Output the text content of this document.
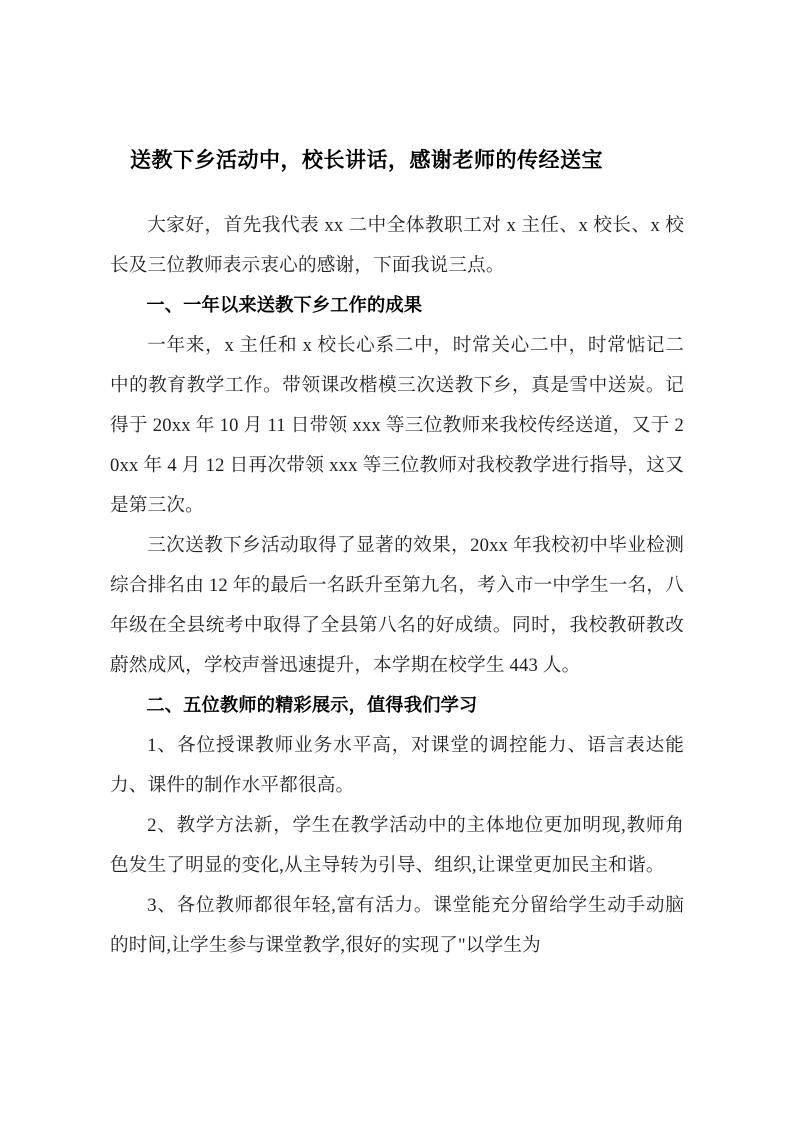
送教下乡活动中，校长讲话，感谢老师的传经送宝

大家好，首先我代表 xx 二中全体教职工对 x 主任、x 校长、x 校长及三位教师表示衷心的感谢，下面我说三点。

一、一年以来送教下乡工作的成果

一年来，x 主任和 x 校长心系二中，时常关心二中，时常惦记二中的教育教学工作。带领课改楷模三次送教下乡，真是雪中送炭。记得于 20xx 年 10 月 11 日带领 xxx 等三位教师来我校传经送道，又于 20xx 年 4 月 12 日再次带领 xxx 等三位教师对我校教学进行指导，这又是第三次。

三次送教下乡活动取得了显著的效果，20xx 年我校初中毕业检测综合排名由 12 年的最后一名跃升至第九名，考入市一中学生一名，八年级在全县统考中取得了全县第八名的好成绩。同时，我校教研教改蔚然成风，学校声誉迅速提升，本学期在校学生 443 人。

二、五位教师的精彩展示，值得我们学习

1、各位授课教师业务水平高，对课堂的调控能力、语言表达能力、课件的制作水平都很高。

2、教学方法新，学生在教学活动中的主体地位更加明现,教师角色发生了明显的变化,从主导转为引导、组织,让课堂更加民主和谐。

3、各位教师都很年轻,富有活力。课堂能充分留给学生动手动脑的时间,让学生参与课堂教学,很好的实现了"以学生为
